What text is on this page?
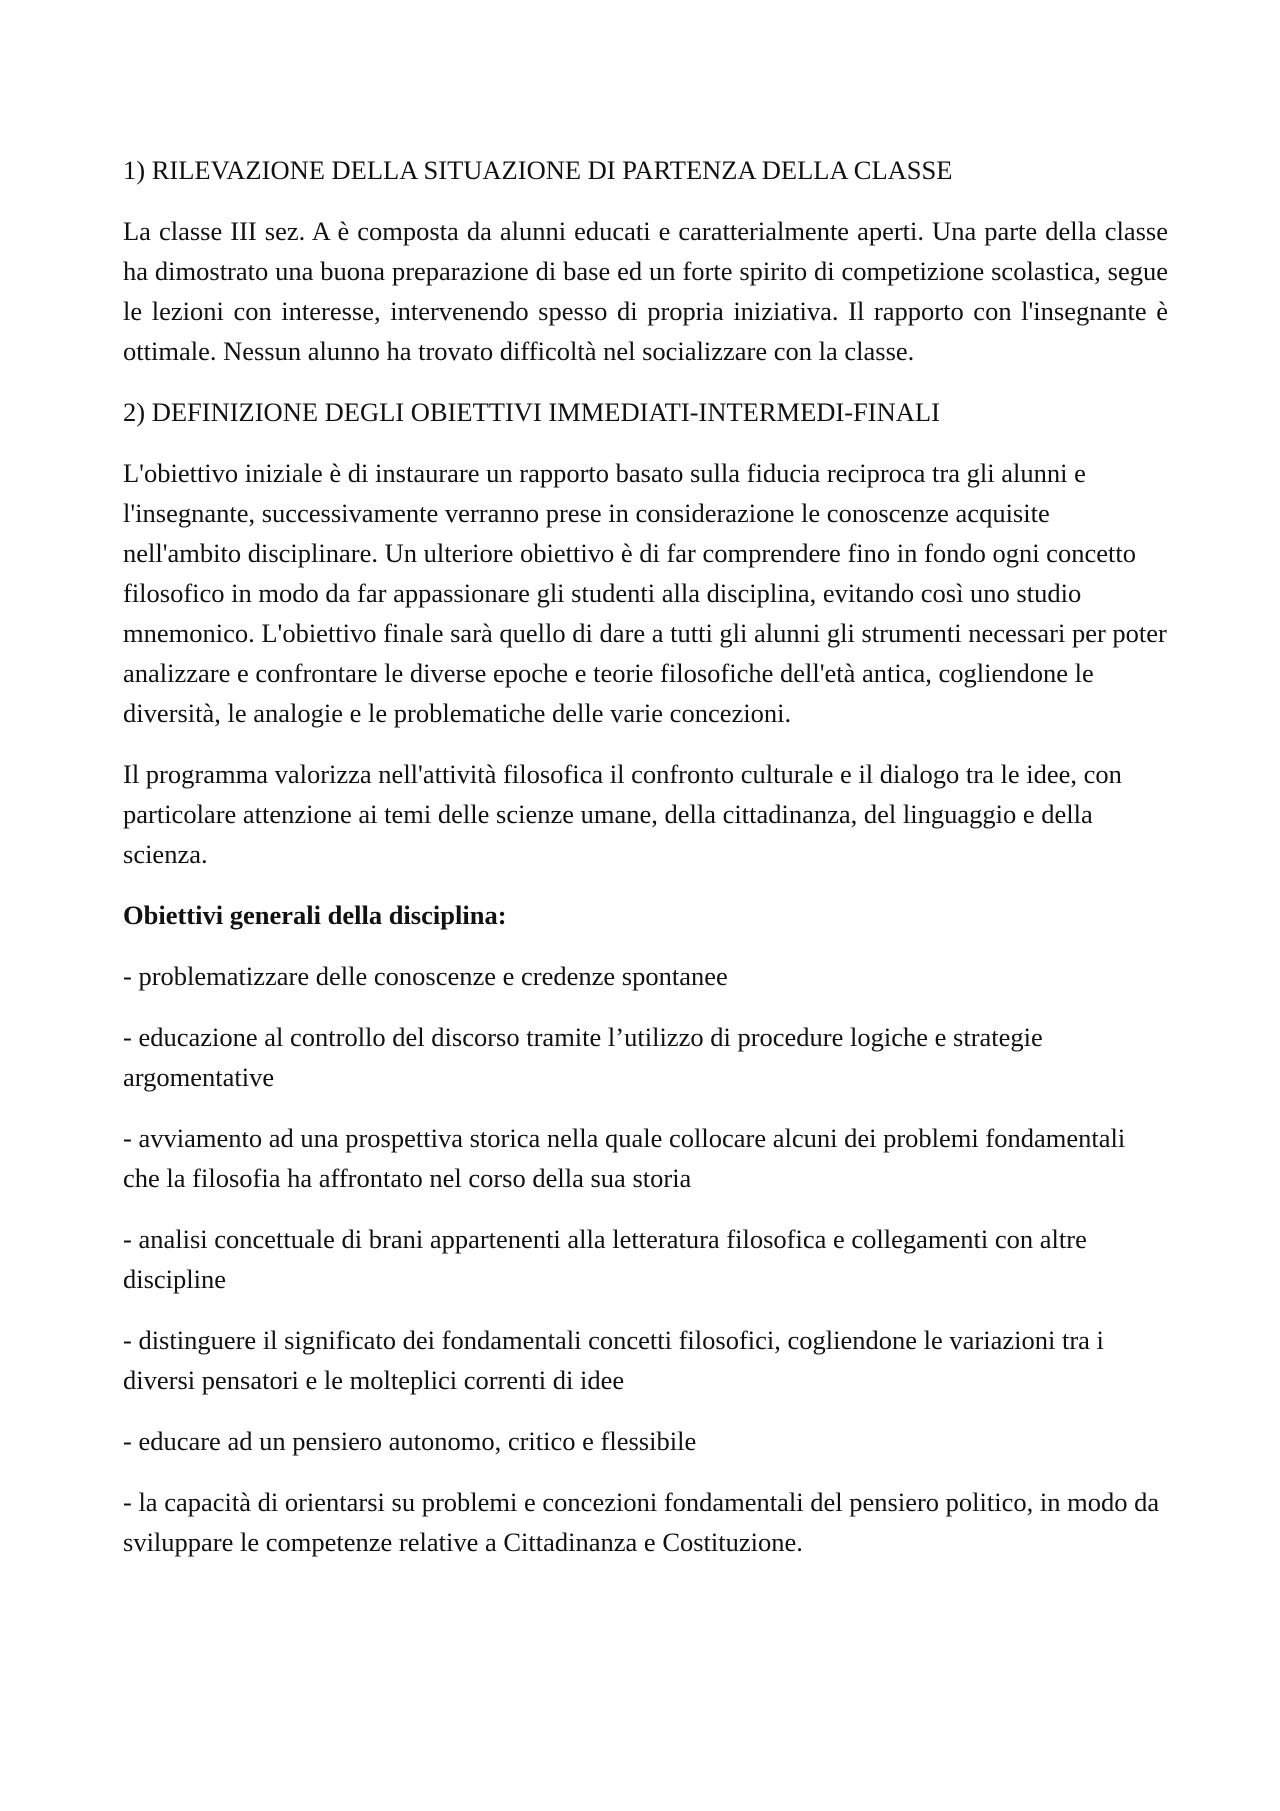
1) RILEVAZIONE DELLA SITUAZIONE DI PARTENZA DELLA CLASSE

La classe III sez. A è composta da alunni educati e caratterialmente aperti. Una parte della classe ha dimostrato una buona preparazione di base ed un forte spirito di competizione scolastica, segue le lezioni con interesse, intervenendo spesso di propria iniziativa. Il rapporto con l'insegnante è ottimale. Nessun alunno ha trovato difficoltà nel socializzare con la classe.

2) DEFINIZIONE DEGLI OBIETTIVI IMMEDIATI-INTERMEDI-FINALI

L'obiettivo iniziale è di instaurare un rapporto basato sulla fiducia reciproca tra gli alunni e l'insegnante, successivamente verranno prese in considerazione le conoscenze acquisite nell'ambito disciplinare. Un ulteriore obiettivo è di far comprendere fino in fondo ogni concetto filosofico in modo da far appassionare gli studenti alla disciplina, evitando così uno studio mnemonico. L'obiettivo finale sarà quello di dare a tutti gli alunni gli strumenti necessari per poter analizzare e confrontare le diverse epoche e teorie filosofiche dell'età antica, cogliendone le diversità, le analogie e le problematiche delle varie concezioni.

Il programma valorizza nell'attività filosofica il confronto culturale e il dialogo tra le idee, con particolare attenzione ai temi delle scienze umane, della cittadinanza, del linguaggio e della scienza.

Obiettivi generali della disciplina:

- problematizzare delle conoscenze e credenze spontanee

- educazione al controllo del discorso tramite l’utilizzo di procedure logiche e strategie argomentative

- avviamento ad una prospettiva storica nella quale collocare alcuni dei problemi fondamentali che la filosofia ha affrontato nel corso della sua storia

- analisi concettuale di brani appartenenti alla letteratura filosofica e collegamenti con altre discipline

- distinguere il significato dei fondamentali concetti filosofici, cogliendone le variazioni tra i diversi pensatori e le molteplici correnti di idee

- educare ad un pensiero autonomo, critico e flessibile

- la capacità di orientarsi su problemi e concezioni fondamentali del pensiero politico, in modo da sviluppare le competenze relative a Cittadinanza e Costituzione.
